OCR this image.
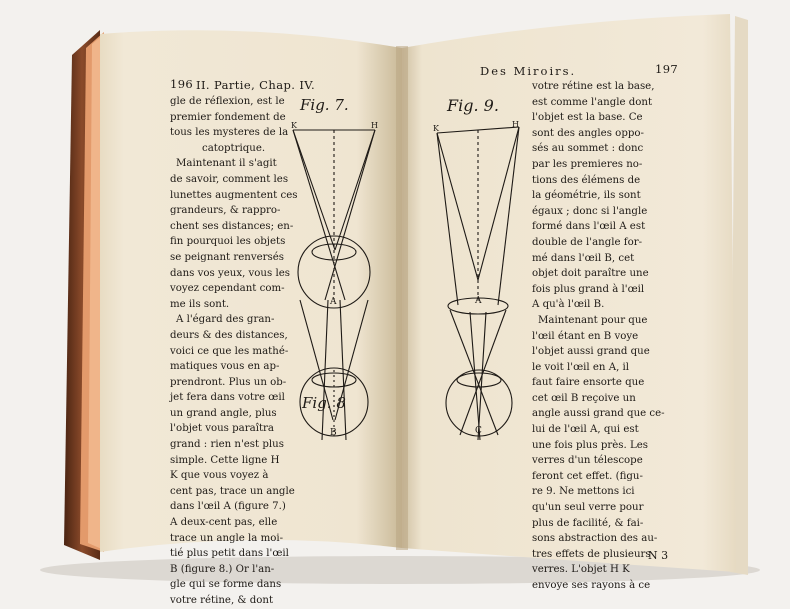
196 II. Partie, Chap. IV.

Fig. 7.

K	H

A

Fig. 8

B

gle de réflexion, est le
premier fondement de
tous les mysteres de la
catoptrique.
Maintenant il s'agit
de savoir, comment les
lunettes augmentent ces
grandeurs, & rappro-
chent ses distances; en-
fin pourquoi les objets
se peignant renversés
dans vos yeux, vous les
voyez cependant com-
me ils sont.
A l'égard des gran-
deurs & des distances,
voici ce que les mathé-
matiques vous en ap-
prendront. Plus un ob-
jet fera dans votre œil
un grand angle, plus
l'objet vous paraîtra
grand : rien n'est plus
simple. Cette ligne H
K que vous voyez à
cent pas, trace un angle
dans l'œil A (figure 7.)
A deux-cent pas, elle
trace un angle la moi-
tié plus petit dans l'œil
B (figure 8.) Or l'an-
gle qui se forme dans
votre rétine, & dont

Des Miroirs.	197

Fig. 9.

K	H

A

C

votre rétine est la base,
est comme l'angle dont
l'objet est la base. Ce
sont des angles oppo-
sés au sommet : donc
par les premieres no-
tions des élémens de
la géométrie, ils sont
égaux ; donc si l'angle
formé dans l'œil A est
double de l'angle for-
mé dans l'œil B, cet
objet doit paraître une
fois plus grand à l'œil
A qu'à l'œil B.
Maintenant pour que
l'œil étant en B voye
l'objet aussi grand que
le voit l'œil en A, il
faut faire ensorte que
cet œil B reçoive un
angle aussi grand que ce-
lui de l'œil A, qui est
une fois plus près. Les
verres d'un télescope
feront cet effet. (figu-
re 9. Ne mettons ici
qu'un seul verre pour
plus de facilité, & fai-
sons abstraction des au-
tres effets de plusieurs
verres. L'objet H K
envoye ses rayons à ce

N 3
